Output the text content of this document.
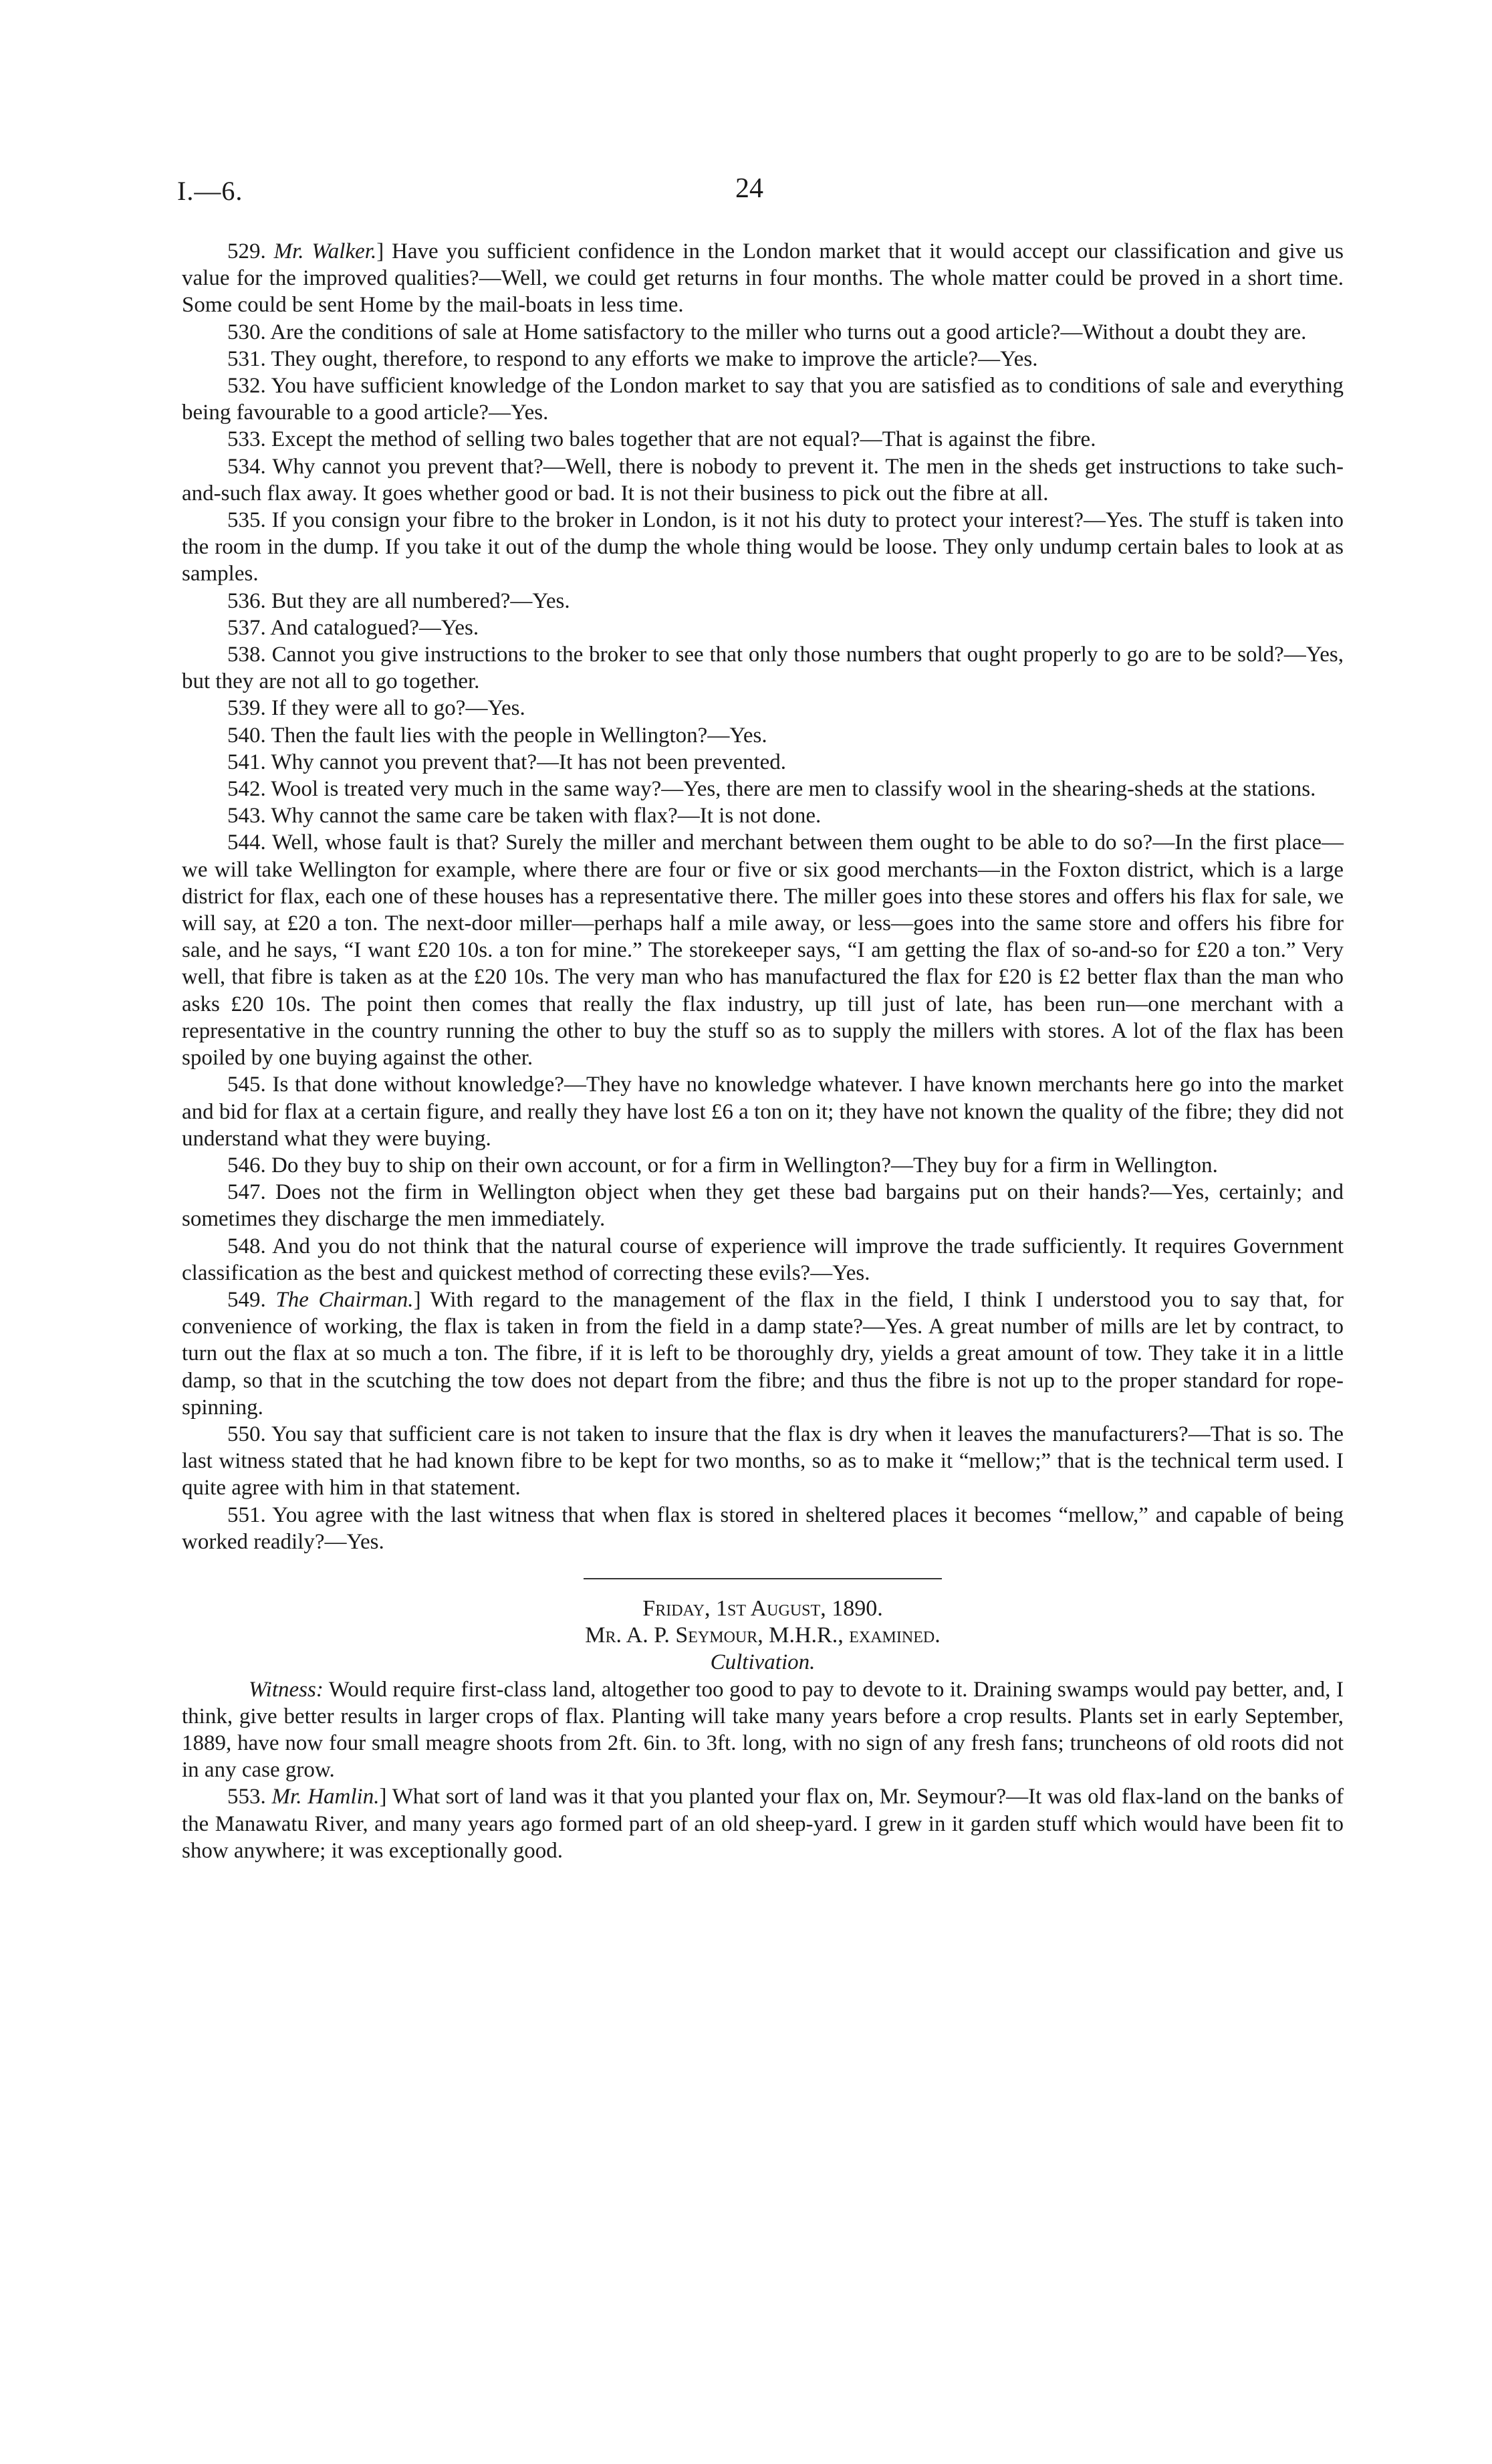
I.—6.	24

529. Mr. Walker.] Have you sufficient confidence in the London market that it would accept our classification and give us value for the improved qualities?—Well, we could get returns in four months. The whole matter could be proved in a short time. Some could be sent Home by the mail-boats in less time.

530. Are the conditions of sale at Home satisfactory to the miller who turns out a good article?—Without a doubt they are.

531. They ought, therefore, to respond to any efforts we make to improve the article?—Yes.

532. You have sufficient knowledge of the London market to say that you are satisfied as to conditions of sale and everything being favourable to a good article?—Yes.

533. Except the method of selling two bales together that are not equal?—That is against the fibre.

534. Why cannot you prevent that?—Well, there is nobody to prevent it. The men in the sheds get instructions to take such-and-such flax away. It goes whether good or bad. It is not their business to pick out the fibre at all.

535. If you consign your fibre to the broker in London, is it not his duty to protect your interest?—Yes. The stuff is taken into the room in the dump. If you take it out of the dump the whole thing would be loose. They only undump certain bales to look at as samples.

536. But they are all numbered?—Yes.

537. And catalogued?—Yes.

538. Cannot you give instructions to the broker to see that only those numbers that ought properly to go are to be sold?—Yes, but they are not all to go together.

539. If they were all to go?—Yes.

540. Then the fault lies with the people in Wellington?—Yes.

541. Why cannot you prevent that?—It has not been prevented.

542. Wool is treated very much in the same way?—Yes, there are men to classify wool in the shearing-sheds at the stations.

543. Why cannot the same care be taken with flax?—It is not done.

544. Well, whose fault is that? Surely the miller and merchant between them ought to be able to do so?—In the first place—we will take Wellington for example, where there are four or five or six good merchants—in the Foxton district, which is a large district for flax, each one of these houses has a representative there. The miller goes into these stores and offers his flax for sale, we will say, at £20 a ton. The next-door miller—perhaps half a mile away, or less—goes into the same store and offers his fibre for sale, and he says, “I want £20 10s. a ton for mine.” The storekeeper says, “I am getting the flax of so-and-so for £20 a ton.” Very well, that fibre is taken as at the £20 10s. The very man who has manufactured the flax for £20 is £2 better flax than the man who asks £20 10s. The point then comes that really the flax industry, up till just of late, has been run—one merchant with a representative in the country running the other to buy the stuff so as to supply the millers with stores. A lot of the flax has been spoiled by one buying against the other.

545. Is that done without knowledge?—They have no knowledge whatever. I have known merchants here go into the market and bid for flax at a certain figure, and really they have lost £6 a ton on it; they have not known the quality of the fibre; they did not understand what they were buying.

546. Do they buy to ship on their own account, or for a firm in Wellington?—They buy for a firm in Wellington.

547. Does not the firm in Wellington object when they get these bad bargains put on their hands?—Yes, certainly; and sometimes they discharge the men immediately.

548. And you do not think that the natural course of experience will improve the trade sufficiently. It requires Government classification as the best and quickest method of correcting these evils?—Yes.

549. The Chairman.] With regard to the management of the flax in the field, I think I understood you to say that, for convenience of working, the flax is taken in from the field in a damp state?—Yes. A great number of mills are let by contract, to turn out the flax at so much a ton. The fibre, if it is left to be thoroughly dry, yields a great amount of tow. They take it in a little damp, so that in the scutching the tow does not depart from the fibre; and thus the fibre is not up to the proper standard for rope-spinning.

550. You say that sufficient care is not taken to insure that the flax is dry when it leaves the manufacturers?—That is so. The last witness stated that he had known fibre to be kept for two months, so as to make it “mellow;” that is the technical term used. I quite agree with him in that statement.

551. You agree with the last witness that when flax is stored in sheltered places it becomes “mellow,” and capable of being worked readily?—Yes.

Friday, 1st August, 1890.

Mr. A. P. Seymour, M.H.R., examined.

Cultivation.

Witness: Would require first-class land, altogether too good to pay to devote to it. Draining swamps would pay better, and, I think, give better results in larger crops of flax. Planting will take many years before a crop results. Plants set in early September, 1889, have now four small meagre shoots from 2ft. 6in. to 3ft. long, with no sign of any fresh fans; truncheons of old roots did not in any case grow.

553. Mr. Hamlin.] What sort of land was it that you planted your flax on, Mr. Seymour?—It was old flax-land on the banks of the Manawatu River, and many years ago formed part of an old sheep-yard. I grew in it garden stuff which would have been fit to show anywhere; it was exceptionally good.
